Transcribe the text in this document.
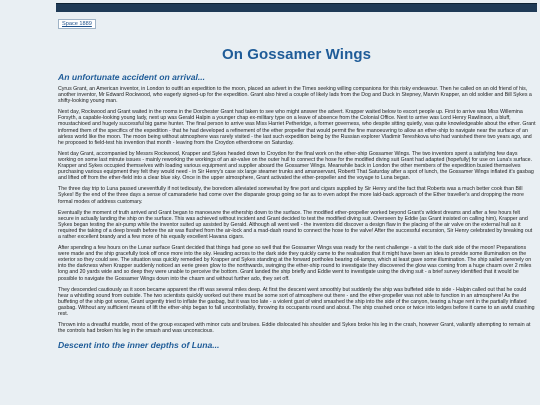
Space 1889
On Gossamer Wings
An unfortunate accident on arrival...

Cyrus Grant, an American inventor, in London to outfit an expedition to the moon, placed an advert in the Times seeking willing companions for this risky endeavour. Then he called on an old friend of his, another inventor, Mr Edward Rockwood, who eagerly signed-up for the expedition. Grant also hired a couple of likely lads from the Dog and Duck in Stepney, Marvin Krapper, an old soldier and Bill Sykes a shifty-looking young man.

Next day, Rockwood and Grant waited in the rooms in the Dorchester Grant had taken to see who might answer the advert. Krapper waited below to escort people up. First to arrive was Miss Willemina Forsyth, a capable-looking young lady, next up was Gerald Halpin a younger chap ex-military type on a leave of absence from the Colonial Office. Next to arrive was Lord Henry Rawlinson, a bluff, moustachioed and hugely successful big game hunter. The final person to arrive was Miss Harriet Petheridge, a former governess, who despite sitting quietly, was quite knowledgeable about the ether. Grant informed them of the specifics of the expedition - that he had developed a refinement of the ether propeller that would permit the fine manoeuvring to allow an ether-ship to navigate near the surface of an airless world like the moon. The moon being without atmosphere was rarely visited - the last such expedition being by the Russian explorer Vladimir Tereshkova who had vanished there two years ago, and he proposed to field-test his invention that month - leaving from the Croydon etherdrome on Saturday.

Next day Grant, accompanied by Messrs Rockwood, Krapper and Sykes headed down to Croydon for the final work on the ether-ship Gossamer Wings. The two inventors spent a satisfying few days working on some last minute issues - mainly reworking the workings of an air-valve on the outer hull to connect the hose for the modified diving suit Grant had adapted (hopefully) for use on Luna's surface. Krapper and Sykes occupied themselves with loading various equipment and supplier aboard the Gossamer Wings. Meanwhile back in London the other members of the expedition busied themselves purchasing various equipment they felt they would need - in Sir Henry's case six large steamer trunks and amanservant, Robertt That Saturday after a spot of lunch, the Gossamer Wings inflated it's gasbag and lifted off from the ether-field into a clear blue sky. Once in the upper atmosphere, Grant activated the ether-propeller and the voyage to Luna began.

The three day trip to Luna passed uneventfully if not tediously, the boredom alleviated somewhat by fine port and cigars supplied by Sir Henry and the fact that Roberts was a much better cook than Bill Sykes! By the end of the three days a sense of camaraderie had come over the disparate group going so far as to even adopt the more laid-back approach of the Ether traveller's and dropping the more formal modes of address customary.

Eventually the moment of truth arrived and Grant began to manoeuvre the ethership down to the surface. The modified ether-propeller worked beyond Grant's wildest dreams and after a few hours felt secure in actually landing the ship on the surface. This was achieved without incident and Grant decided to test the modified diving suit. Overseen by Eddie (as Grant insisted on calling him), Krapper and Sykes began testing the air-pump while the inventor suited up assisted by Gerald. Although all went well - the inventors did discover a design flaw in the placing of the air valve on the external hull as it required the taking of a deep breath before the air was flushed from the air-lock and a mad-dash round to connect the hose to the valve! After the successful excursion, Sir Henry celebrated by breaking out a rather excellent brandy and a few more of his equally excellent Havana cigars.

After spending a few hours on the Lunar surface Grant decided that things had gone so well that the Gossamer Wings was ready for the next challenge - a visit to the dark side of the moon! Preparations were made and the ship gracefully took off once more into the sky. Heading across to the dark side they quickly came to the realisation that it might have been an idea to provide some illumination on the exterior so they could see. The situation was quickly remedied by Krapper and Sykes standing at the forward portholes bearing oil-lamps, which at least gave some illumination. The ship sailed serenely on into the darkness when Krapper suddenly noticed an eerie green glow to the northwards, swinging the ether-ship round to investigate they discovered the glow was coming from a huge chasm over 2 miles long and 20 yards wide and so deep they were unable to perceive the bottom. Grant landed the ship briefly and Eddie went to investigate using the diving suit - a brief survey identified that it would be possible to navigate the Gossamer Wings down into the chasm and without further ado, they set off.

They descended cautiously as it soon became apparent the rift was several miles deep. At first the descent went smoothly but suddenly the ship was buffeted side to side - Halpin called out that he could hear a whistling sound from outside. The two scientists quickly worked out there must be some sort of atmosphere out there - and the ether-propeller was not able to function in an atmosphere! As the buffeting of the ship got worse, Grant urgently tried to inflate the gasbag, but it was too late - a violent gust of wind smashed the ship into the side of the canyon, tearing a huge rent in the partially inflated gasbag. Without any sufficient means of lift the ether-ship began to fall uncontrollably, throwing its occupants round and about. The ship crashed once or twice into ledges before it came to an awful crashing rest.

Thrown into a dreadful muddle, most of the group escaped with minor cuts and bruises. Eddie dislocated his shoulder and Sykes broke his leg in the crash, however Grant, valiantly attempting to remain at the controls had broken his leg in the smash and was unconscious.

Descent into the inner depths of Luna...
